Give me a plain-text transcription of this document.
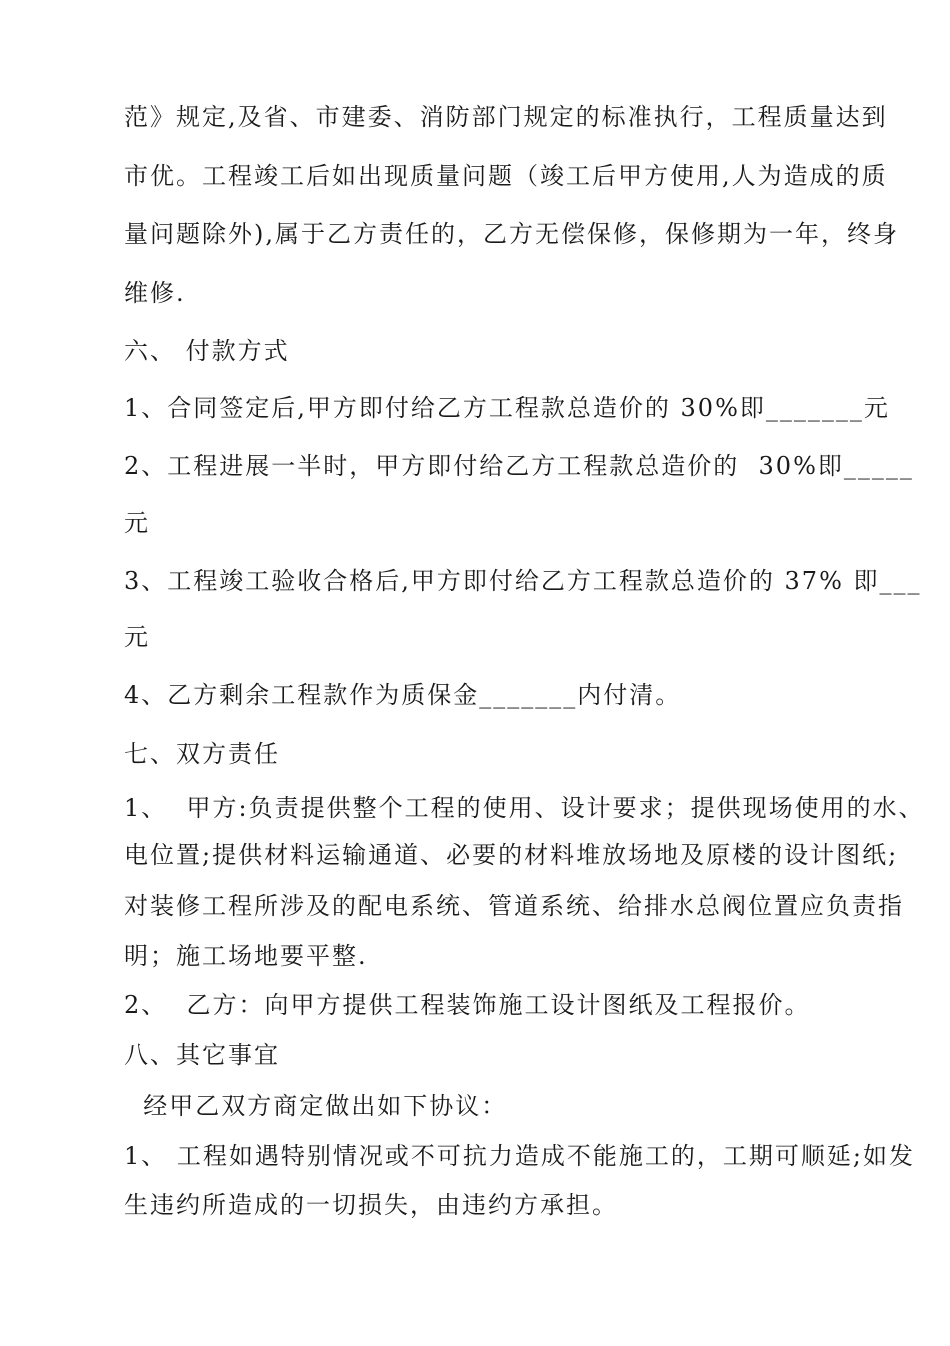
范》规定,及省、市建委、消防部门规定的标准执行，工程质量达到
市优。工程竣工后如出现质量问题（竣工后甲方使用,人为造成的质
量问题除外),属于乙方责任的，乙方无偿保修，保修期为一年，终身
维修.
六、 付款方式
1、合同签定后,甲方即付给乙方工程款总造价的 30%即_______元
2、工程进展一半时，甲方即付给乙方工程款总造价的  30%即_____
元
3、工程竣工验收合格后,甲方即付给乙方工程款总造价的 37% 即___
元
4、乙方剩余工程款作为质保金_______内付清。
七、双方责任
1、  甲方:负责提供整个工程的使用、设计要求；提供现场使用的水、
电位置;提供材料运输通道、必要的材料堆放场地及原楼的设计图纸;
对装修工程所涉及的配电系统、管道系统、给排水总阀位置应负责指
明；施工场地要平整.
2、  乙方：向甲方提供工程装饰施工设计图纸及工程报价。
八、其它事宜
经甲乙双方商定做出如下协议：
1、 工程如遇特别情况或不可抗力造成不能施工的，工期可顺延;如发
生违约所造成的一切损失，由违约方承担。
